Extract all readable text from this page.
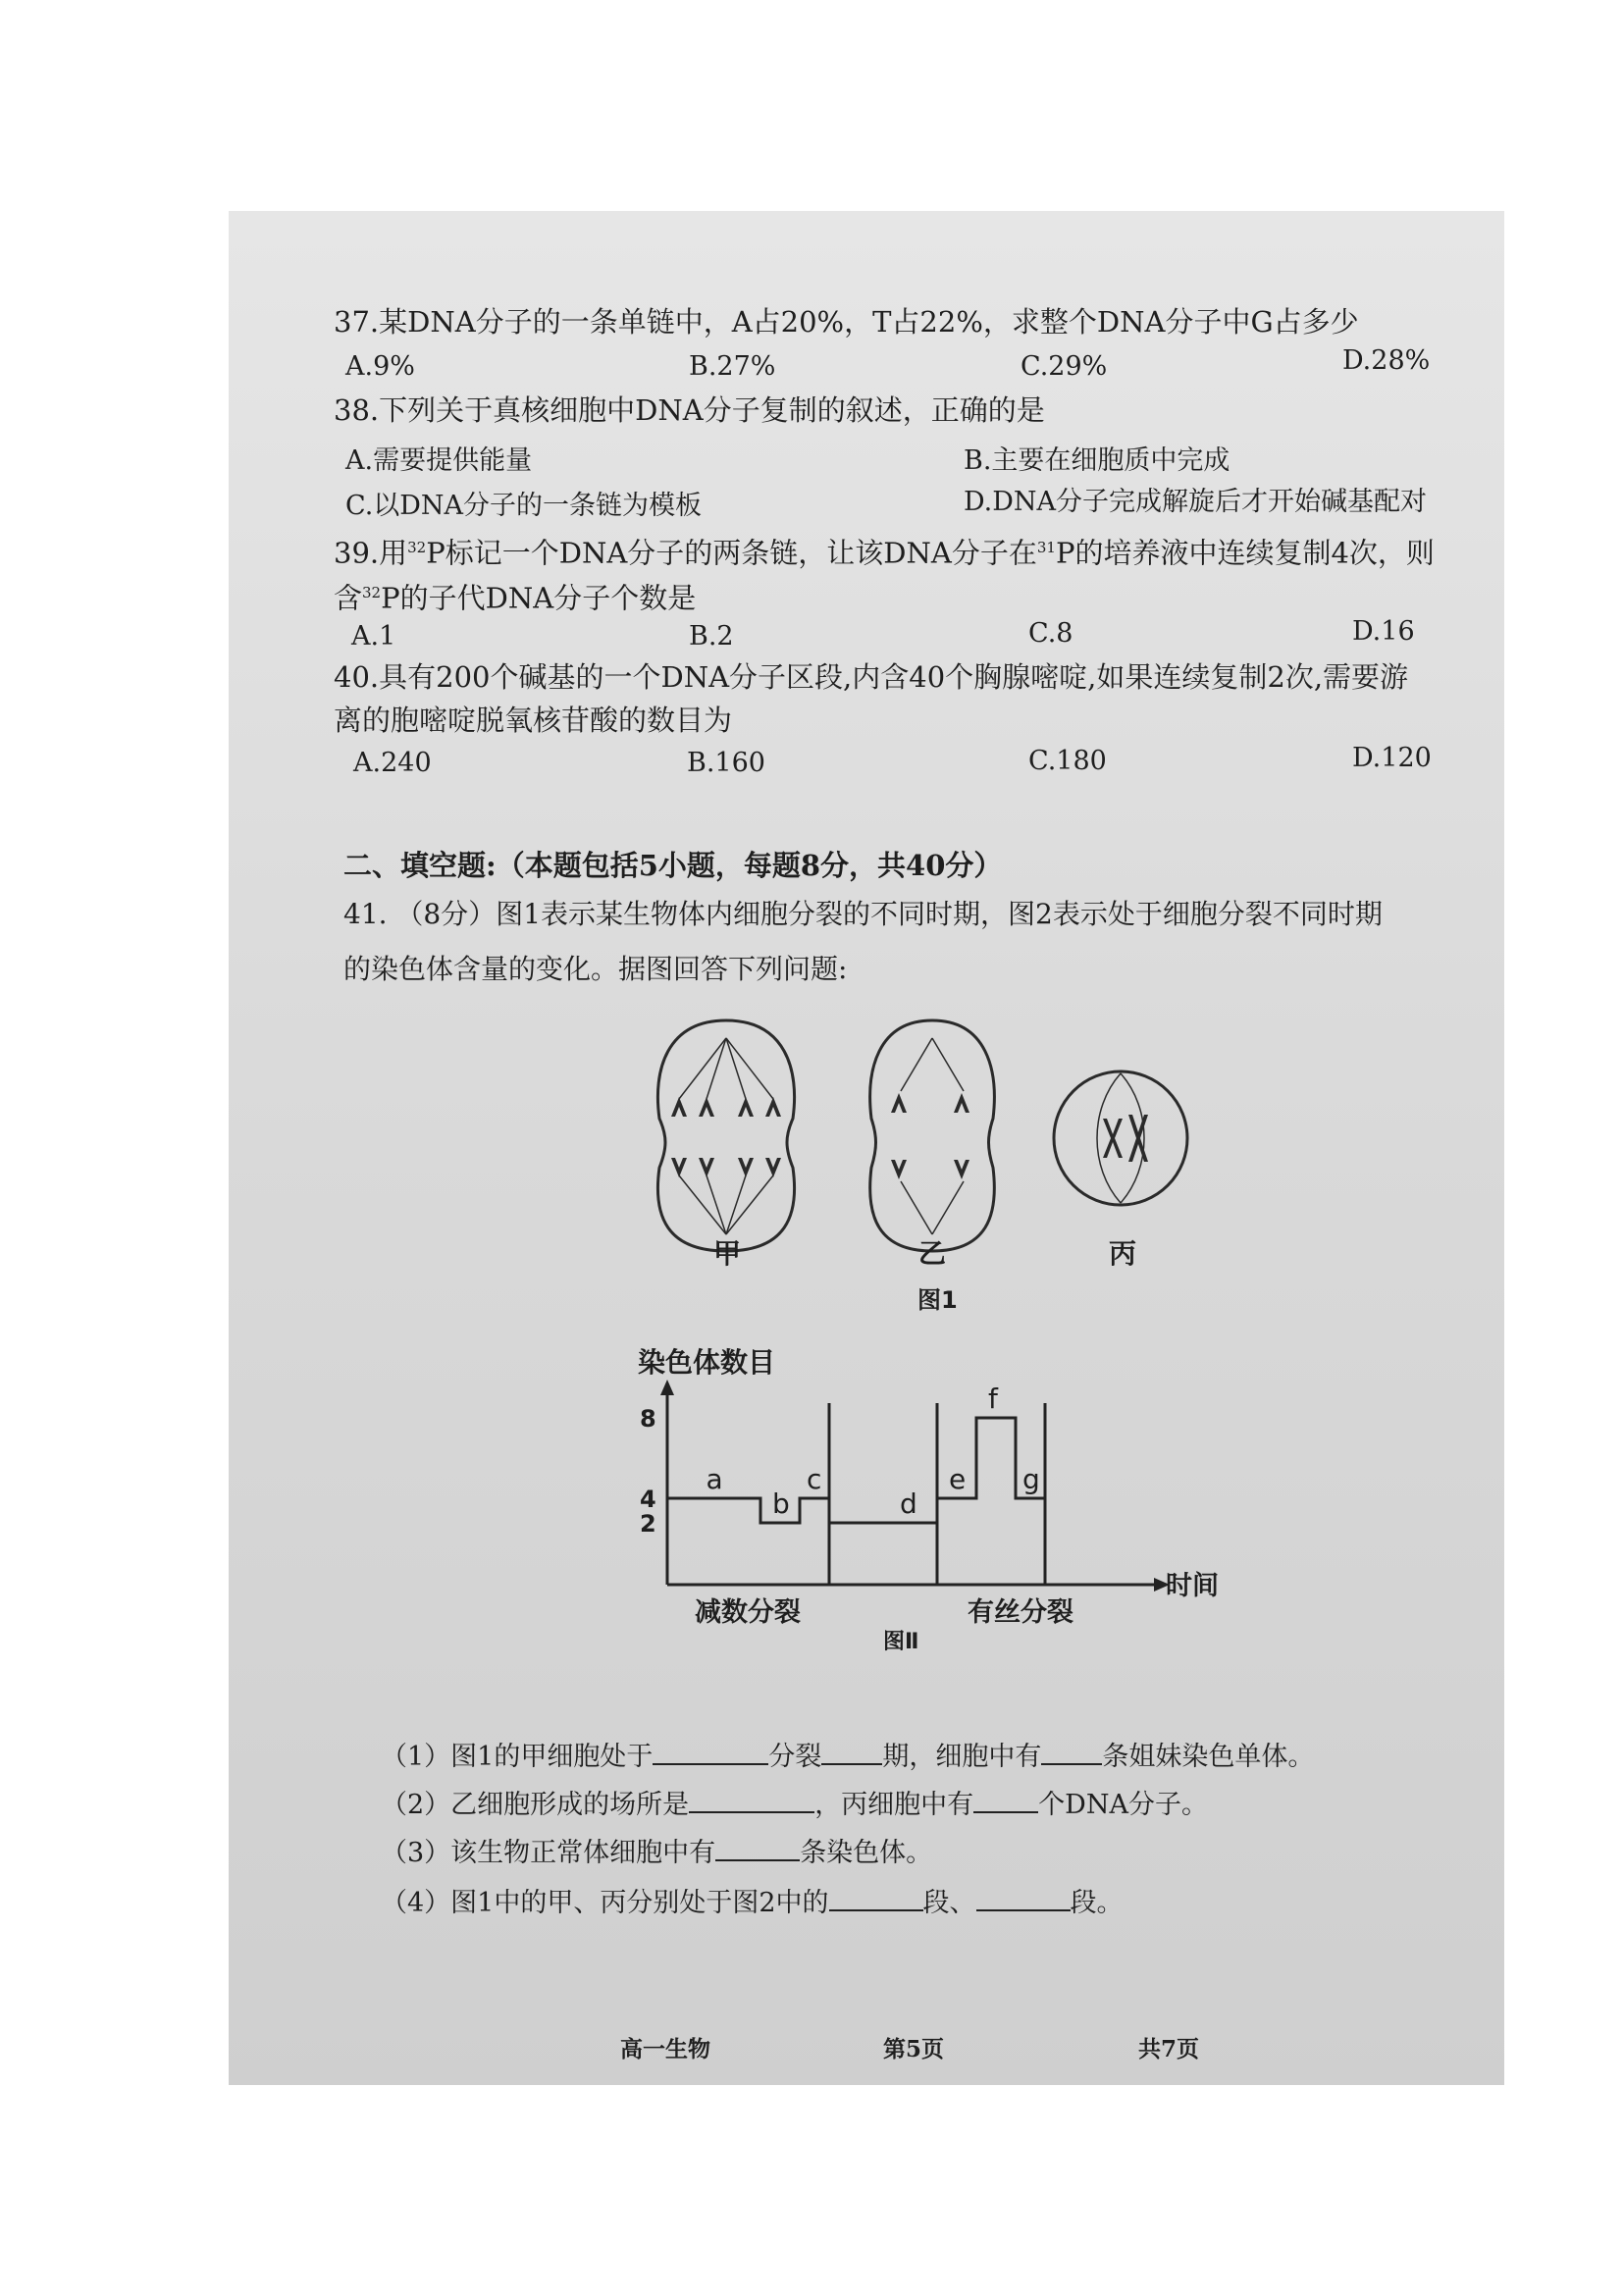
37.某DNA分子的一条单链中，A占20%，T占22%，求整个DNA分子中G占多少
A.9%	B.27%	C.29%	D.28%
38.下列关于真核细胞中DNA分子复制的叙述，正确的是
A.需要提供能量	B.主要在细胞质中完成
C.以DNA分子的一条链为模板	D.DNA分子完成解旋后才开始碱基配对
39.用$^{32}$P标记一个DNA分子的两条链，让该DNA分子在$^{31}$P的培养液中连续复制4次，则
含$^{32}$P的子代DNA分子个数是
A.1	B.2	C.8	D.16
40.具有200个碱基的一个DNA分子区段,内含40个胸腺嘧啶,如果连续复制2次,需要游
离的胞嘧啶脱氧核苷酸的数目为
A.240	B.160	C.180	D.120
二、填空题:（本题包括5小题，每题8分，共40分）
41. （8分）图1表示某生物体内细胞分裂的不同时期，图2表示处于细胞分裂不同时期
的染色体含量的变化。据图回答下列问题:
甲	乙	丙
图1
染色体数目
2
4
8
a
b
c
d
e
f
g
时间
减数分裂	有丝分裂
图Ⅱ
（1）图1的甲细胞处于	分裂 期，细胞中有 条姐妹染色单体。
（2）乙细胞形成的场所是	，丙细胞中有 个DNA分子。
（3）该生物正常体细胞中有	条染色体。
（4）图1中的甲、丙分别处于图2中的	段、	段。
高一生物	第5页	共7页
